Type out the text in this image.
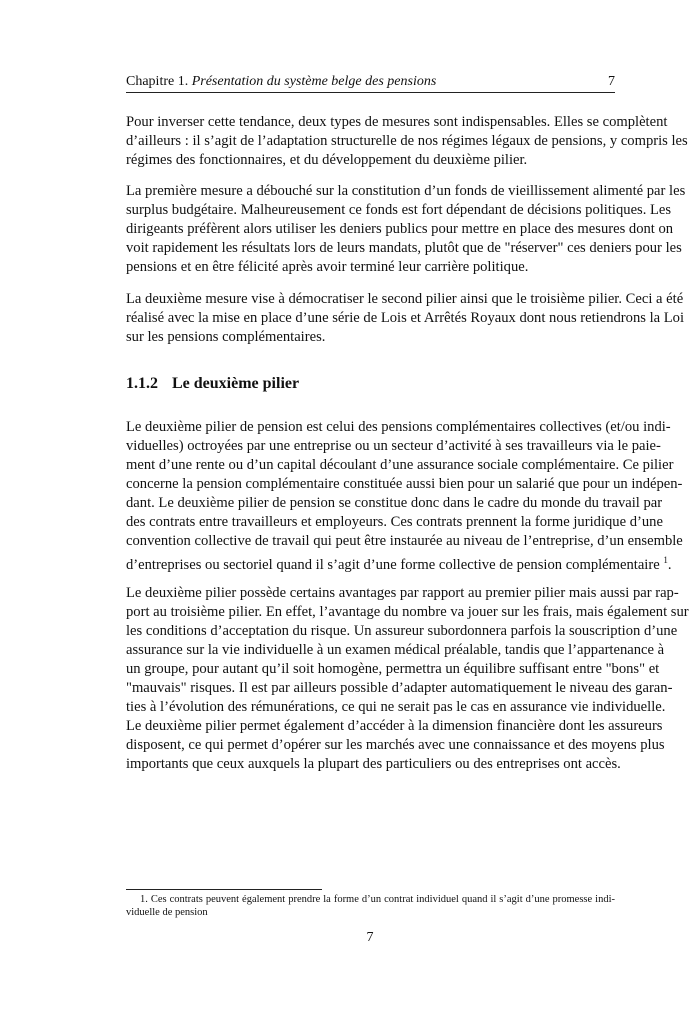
Chapitre 1. Présentation du système belge des pensions	7
Pour inverser cette tendance, deux types de mesures sont indispensables. Elles se complètent
d’ailleurs : il s’agit de l’adaptation structurelle de nos régimes légaux de pensions, y compris les
régimes des fonctionnaires, et du développement du deuxième pilier.
La première mesure a débouché sur la constitution d’un fonds de vieillissement alimenté par les
surplus budgétaire. Malheureusement ce fonds est fort dépendant de décisions politiques. Les
dirigeants préfèrent alors utiliser les deniers publics pour mettre en place des mesures dont on
voit rapidement les résultats lors de leurs mandats, plutôt que de "réserver" ces deniers pour les
pensions et en être félicité après avoir terminé leur carrière politique.
La deuxième mesure vise à démocratiser le second pilier ainsi que le troisième pilier. Ceci a été
réalisé avec la mise en place d’une série de Lois et Arrêtés Royaux dont nous retiendrons la Loi
sur les pensions complémentaires.
1.1.2 Le deuxième pilier
Le deuxième pilier de pension est celui des pensions complémentaires collectives (et/ou indi-
viduelles) octroyées par une entreprise ou un secteur d’activité à ses travailleurs via le paie-
ment d’une rente ou d’un capital découlant d’une assurance sociale complémentaire. Ce pilier
concerne la pension complémentaire constituée aussi bien pour un salarié que pour un indépen-
dant. Le deuxième pilier de pension se constitue donc dans le cadre du monde du travail par
des contrats entre travailleurs et employeurs. Ces contrats prennent la forme juridique d’une
convention collective de travail qui peut être instaurée au niveau de l’entreprise, d’un ensemble
d’entreprises ou sectoriel quand il s’agit d’une forme collective de pension complémentaire $^1$.
Le deuxième pilier possède certains avantages par rapport au premier pilier mais aussi par rap-
port au troisième pilier. En effet, l’avantage du nombre va jouer sur les frais, mais également sur
les conditions d’acceptation du risque. Un assureur subordonnera parfois la souscription d’une
assurance sur la vie individuelle à un examen médical préalable, tandis que l’appartenance à
un groupe, pour autant qu’il soit homogène, permettra un équilibre suffisant entre "bons" et
"mauvais" risques. Il est par ailleurs possible d’adapter automatiquement le niveau des garan-
ties à l’évolution des rémunérations, ce qui ne serait pas le cas en assurance vie individuelle.
Le deuxième pilier permet également d’accéder à la dimension financière dont les assureurs
disposent, ce qui permet d’opérer sur les marchés avec une connaissance et des moyens plus
importants que ceux auxquels la plupart des particuliers ou des entreprises ont accès.
1. Ces contrats peuvent également prendre la forme d’un contrat individuel quand il s’agit d’une promesse indi-
viduelle de pension
7
